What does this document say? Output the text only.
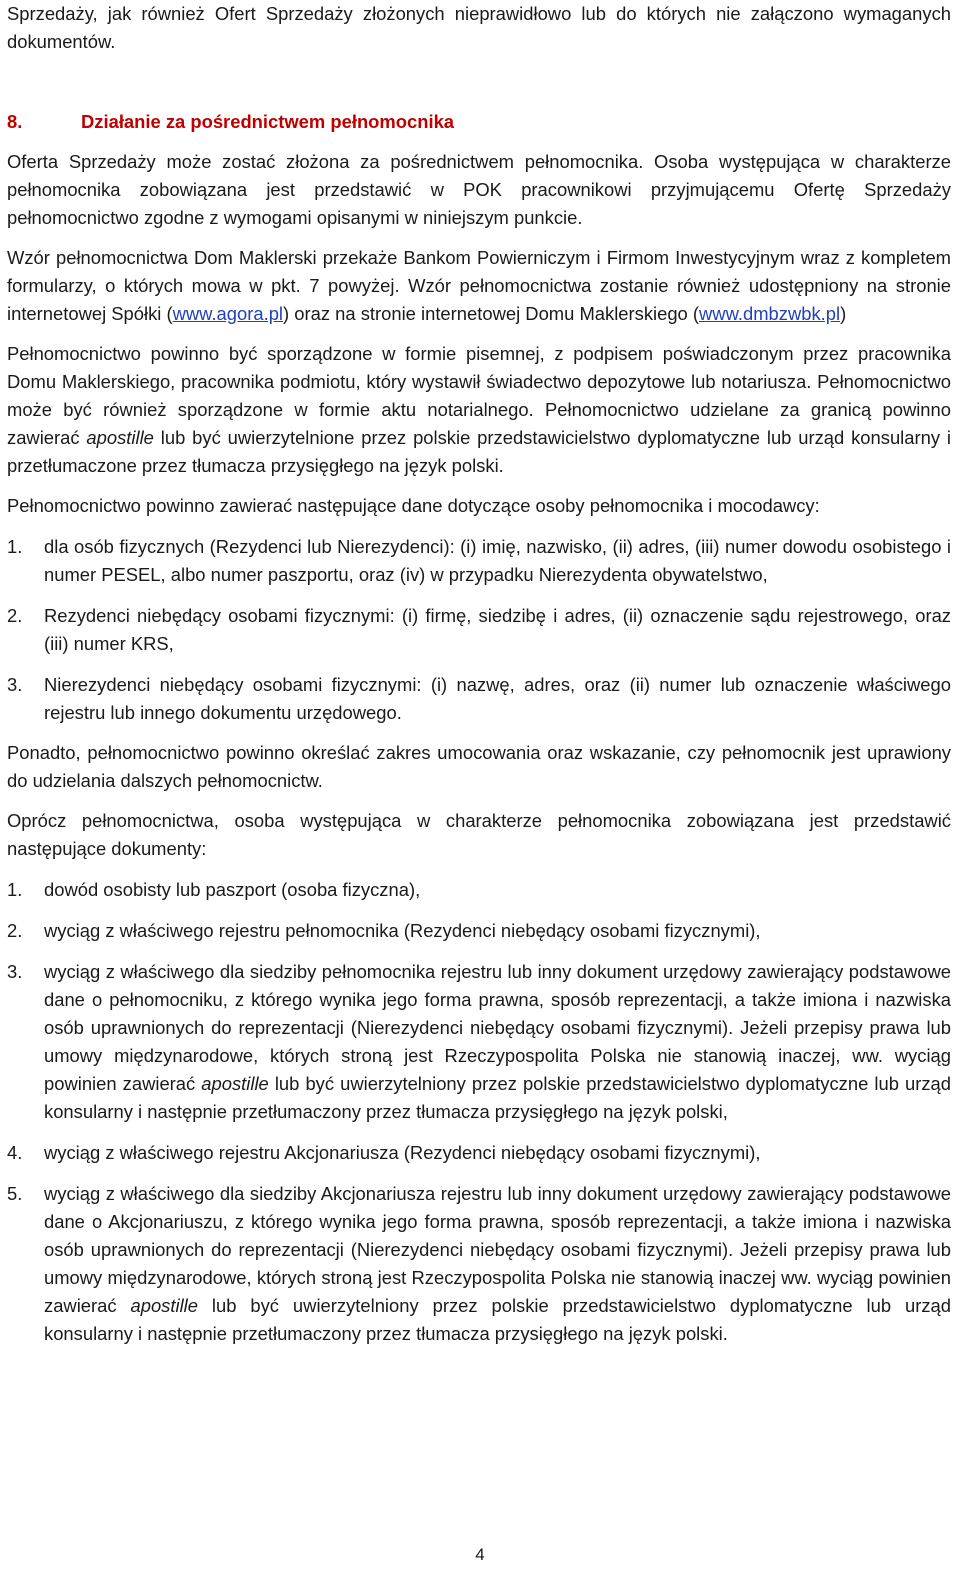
Sprzedaży, jak również Ofert Sprzedaży złożonych nieprawidłowo lub do których nie załączono wymaganych dokumentów.

8.	Działanie za pośrednictwem pełnomocnika

Oferta Sprzedaży może zostać złożona za pośrednictwem pełnomocnika. Osoba występująca w charakterze pełnomocnika zobowiązana jest przedstawić w POK pracownikowi przyjmującemu Ofertę Sprzedaży pełnomocnictwo zgodne z wymogami opisanymi w niniejszym punkcie.

Wzór pełnomocnictwa Dom Maklerski przekaże Bankom Powierniczym i Firmom Inwestycyjnym wraz z kompletem formularzy, o których mowa w pkt. 7 powyżej. Wzór pełnomocnictwa zostanie również udostępniony na stronie internetowej Spółki (www.agora.pl) oraz na stronie internetowej Domu Maklerskiego (www.dmbzwbk.pl)

Pełnomocnictwo powinno być sporządzone w formie pisemnej, z podpisem poświadczonym przez pracownika Domu Maklerskiego, pracownika podmiotu, który wystawił świadectwo depozytowe lub notariusza. Pełnomocnictwo może być również sporządzone w formie aktu notarialnego. Pełnomocnictwo udzielane za granicą powinno zawierać apostille lub być uwierzytelnione przez polskie przedstawicielstwo dyplomatyczne lub urząd konsularny i przetłumaczone przez tłumacza przysięgłego na język polski.

Pełnomocnictwo powinno zawierać następujące dane dotyczące osoby pełnomocnika i mocodawcy:

1.	dla osób fizycznych (Rezydenci lub Nierezydenci): (i) imię, nazwisko, (ii) adres, (iii) numer dowodu osobistego i numer PESEL, albo numer paszportu, oraz (iv) w przypadku Nierezydenta obywatelstwo,
2.	Rezydenci niebędący osobami fizycznymi: (i) firmę, siedzibę i adres, (ii) oznaczenie sądu rejestrowego, oraz (iii) numer KRS,
3.	Nierezydenci niebędący osobami fizycznymi: (i) nazwę, adres, oraz (ii) numer lub oznaczenie właściwego rejestru lub innego dokumentu urzędowego.

Ponadto, pełnomocnictwo powinno określać zakres umocowania oraz wskazanie, czy pełnomocnik jest uprawiony do udzielania dalszych pełnomocnictw.

Oprócz pełnomocnictwa, osoba występująca w charakterze pełnomocnika zobowiązana jest przedstawić następujące dokumenty:

1.	dowód osobisty lub paszport (osoba fizyczna),
2.	wyciąg z właściwego rejestru pełnomocnika (Rezydenci niebędący osobami fizycznymi),
3.	wyciąg z właściwego dla siedziby pełnomocnika rejestru lub inny dokument urzędowy zawierający podstawowe dane o pełnomocniku, z którego wynika jego forma prawna, sposób reprezentacji, a także imiona i nazwiska osób uprawnionych do reprezentacji (Nierezydenci niebędący osobami fizycznymi). Jeżeli przepisy prawa lub umowy międzynarodowe, których stroną jest Rzeczypospolita Polska nie stanowią inaczej, ww. wyciąg powinien zawierać apostille lub być uwierzytelniony przez polskie przedstawicielstwo dyplomatyczne lub urząd konsularny i następnie przetłumaczony przez tłumacza przysięgłego na język polski,
4.	wyciąg z właściwego rejestru Akcjonariusza (Rezydenci niebędący osobami fizycznymi),
5.	wyciąg z właściwego dla siedziby Akcjonariusza rejestru lub inny dokument urzędowy zawierający podstawowe dane o Akcjonariuszu, z którego wynika jego forma prawna, sposób reprezentacji, a także imiona i nazwiska osób uprawnionych do reprezentacji (Nierezydenci niebędący osobami fizycznymi). Jeżeli przepisy prawa lub umowy międzynarodowe, których stroną jest Rzeczypospolita Polska nie stanowią inaczej ww. wyciąg powinien zawierać apostille lub być uwierzytelniony przez polskie przedstawicielstwo dyplomatyczne lub urząd konsularny i następnie przetłumaczony przez tłumacza przysięgłego na język polski.
4
